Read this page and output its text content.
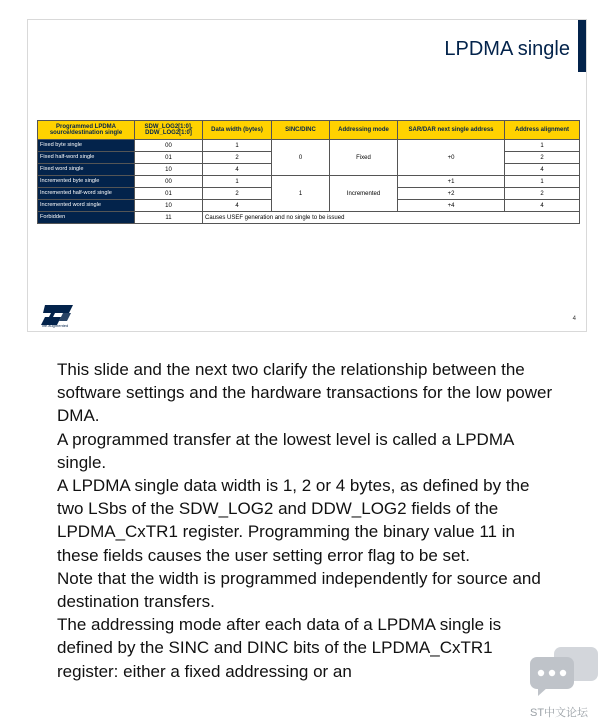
LPDMA single
Programmed LPDMA source/destination single	SDW_LOG2[1:0], DDW_LOG2[1:0]	Data width (bytes)	SINC/DINC	Addressing mode	SAR/DAR next single address	Address alignment
Fixed byte single	00	1	0	Fixed	+0	1
Fixed half-word single	01	2				2
Fixed word single	10	4				4
Incremented byte single	00	1	1	Incremented	+1	1
Incremented half-word single	01	2			+2	2
Incremented word single	10	4			+4	4
Forbidden	11	Causes USEF generation and no single to be issued				
life.augmented
4

This slide and the next two clarify the relationship between the software settings and the hardware transactions for the low power DMA.

A programmed transfer at the lowest level is called a LPDMA single.

A LPDMA single data width is 1, 2 or 4 bytes, as defined by the two LSbs of the SDW_LOG2 and DDW_LOG2 fields of the LPDMA_CxTR1 register. Programming the binary value 11 in these fields causes the user setting error flag to be set.

Note that the width is programmed independently for source and destination transfers.

The addressing mode after each data of a LPDMA single is defined by the SINC and DINC bits of the LPDMA_CxTR1 register: either a fixed addressing or an

ST中文论坛
